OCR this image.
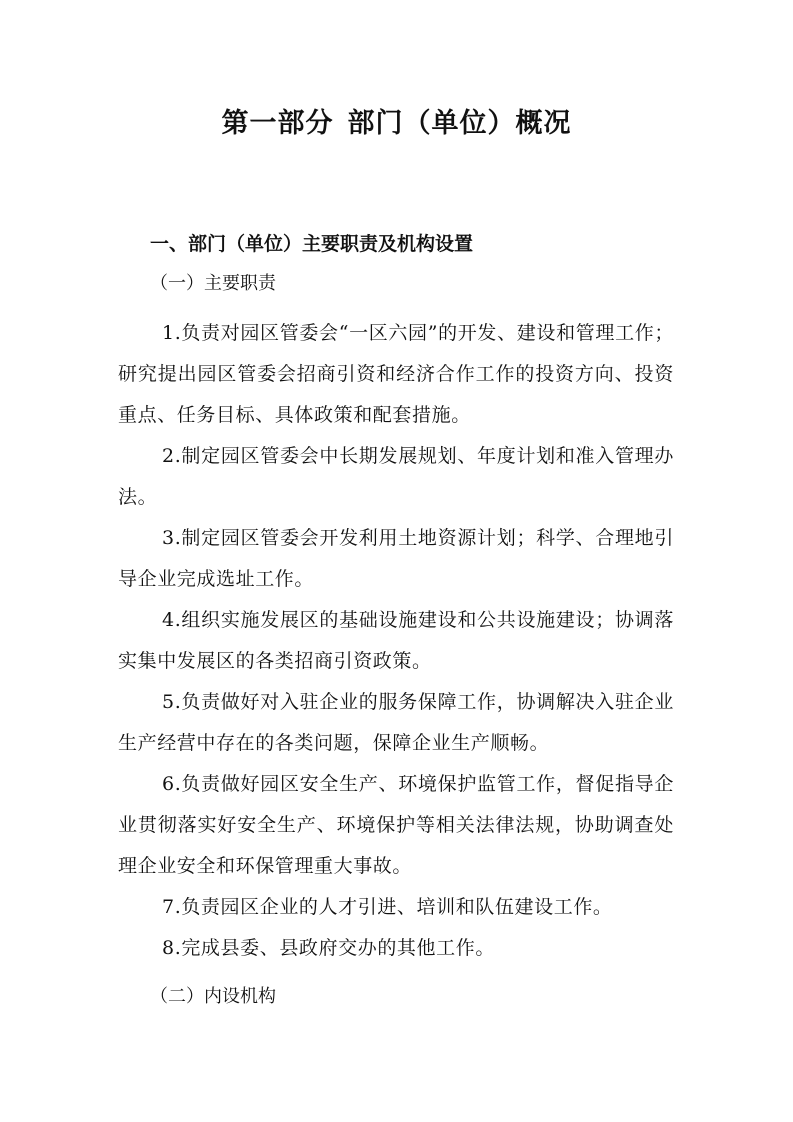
第一部分 部门（单位）概况
一、部门（单位）主要职责及机构设置
（一）主要职责

1.负责对园区管委会“一区六园”的开发、建设和管理工作；研究提出园区管委会招商引资和经济合作工作的投资方向、投资重点、任务目标、具体政策和配套措施。

2.制定园区管委会中长期发展规划、年度计划和准入管理办法。

3.制定园区管委会开发利用土地资源计划；科学、合理地引导企业完成选址工作。

4.组织实施发展区的基础设施建设和公共设施建设；协调落实集中发展区的各类招商引资政策。

5.负责做好对入驻企业的服务保障工作，协调解决入驻企业生产经营中存在的各类问题，保障企业生产顺畅。

6.负责做好园区安全生产、环境保护监管工作，督促指导企业贯彻落实好安全生产、环境保护等相关法律法规，协助调查处理企业安全和环保管理重大事故。

7.负责园区企业的人才引进、培训和队伍建设工作。

8.完成县委、县政府交办的其他工作。

（二）内设机构
